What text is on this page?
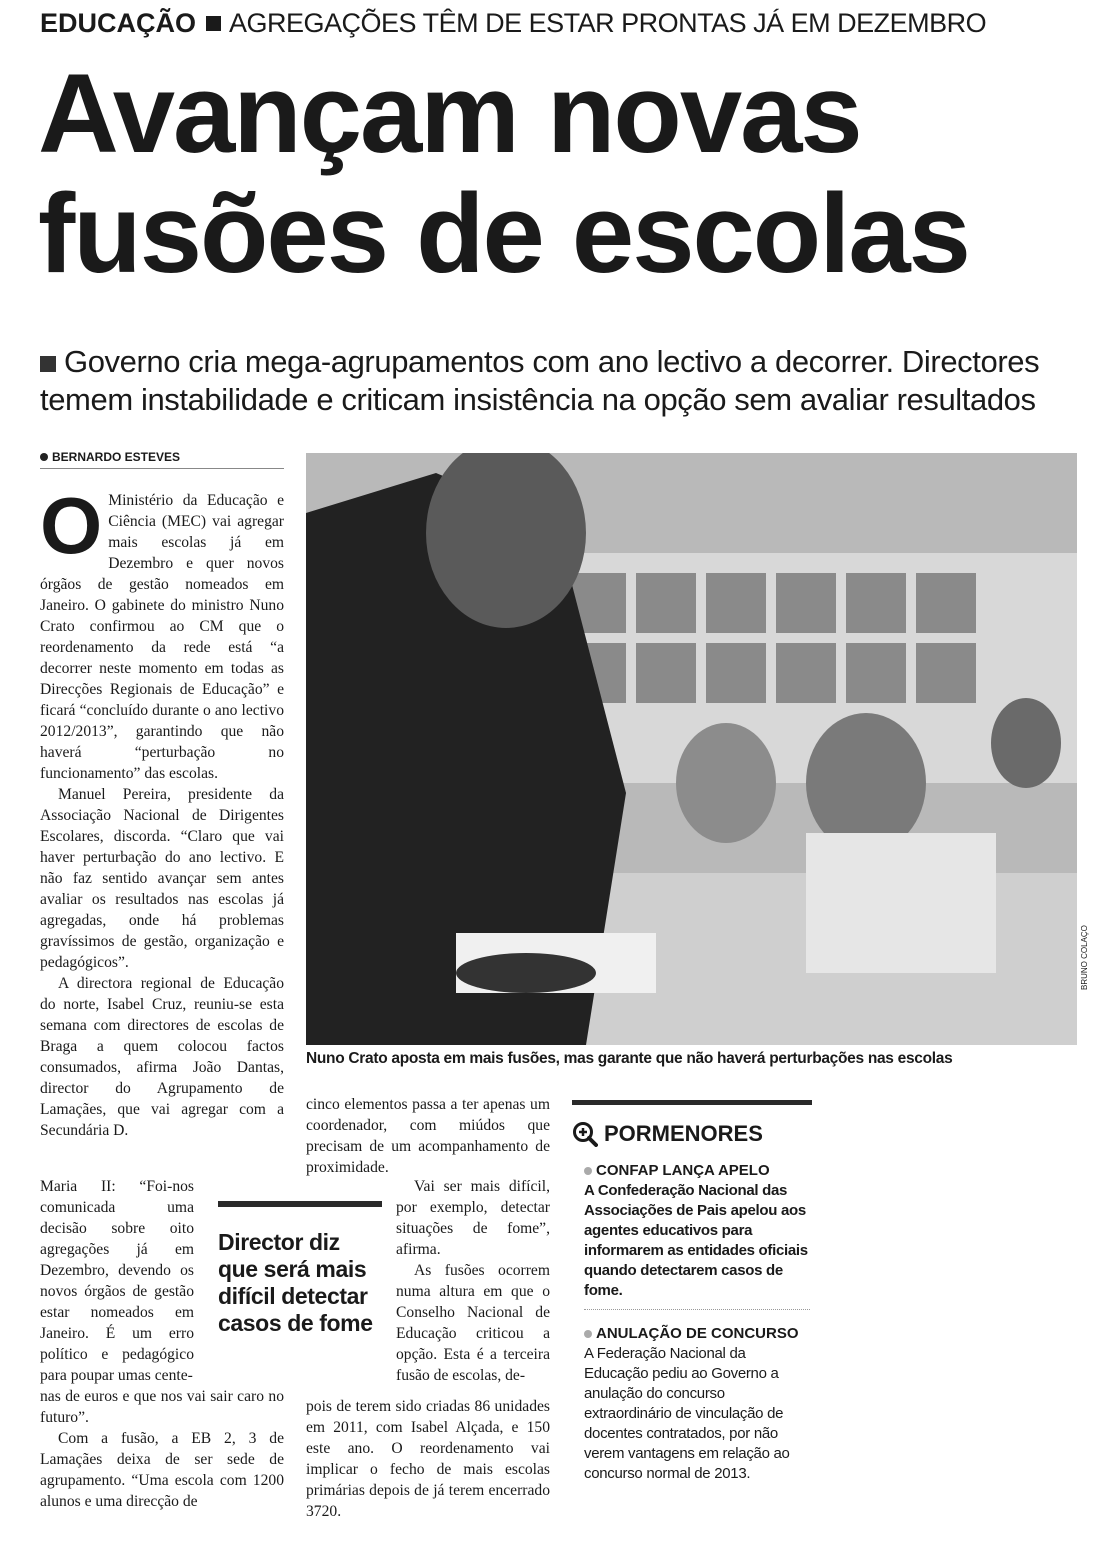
EDUCAÇÃO AGREGAÇÕES TÊM DE ESTAR PRONTAS JÁ EM DEZEMBRO
Avançam novas
fusões de escolas
Governo cria mega-agrupamentos com ano lectivo a decorrer. Directores
temem instabilidade e criticam insistência na opção sem avaliar resultados
BERNARDO ESTEVES

O Ministério da Educação e Ciência (MEC) vai agregar mais escolas já em Dezembro e quer novos órgãos de gestão nomeados em Janeiro. O gabinete do ministro Nuno Crato confirmou ao CM que o reordenamento da rede está “a decorrer neste momento em todas as Direcções Regionais de Educação” e ficará “concluído durante o ano lectivo 2012/2013”, garantindo que não haverá “perturbação no funcionamento” das escolas.

Manuel Pereira, presidente da Associação Nacional de Dirigentes Escolares, discorda. “Claro que vai haver perturbação do ano lectivo. E não faz sentido avançar sem antes avaliar os resultados nas escolas já agregadas, onde há problemas gravíssimos de gestão, organização e pedagógicos”.

A directora regional de Educação do norte, Isabel Cruz, reuniu-se esta semana com directores de escolas de Braga a quem colocou factos consumados, afirma João Dantas, director do Agrupamento de Lamaçães, que vai agregar com a Secundária D.

Maria II: “Foi-nos comunicada uma decisão sobre oito agregações já em Dezembro, devendo os novos órgãos de gestão estar nomeados em Janeiro. É um erro político e pedagógico para poupar umas cente-

nas de euros e que nos vai sair caro no futuro”.

Com a fusão, a EB 2, 3 de Lamaçães deixa de ser sede de agrupamento. “Uma escola com 1200 alunos e uma direcção de

Nuno Crato aposta em mais fusões, mas garante que não haverá perturbações nas escolas
BRUNO COLAÇO
Director diz que será mais difícil detectar casos de fome

cinco elementos passa a ter apenas um coordenador, com miúdos que precisam de um acompanhamento de proximidade.

Vai ser mais difícil, por exemplo, detectar situações de fome”, afirma.

As fusões ocorrem numa altura em que o Conselho Nacional de Educação criticou a opção. Esta é a terceira fusão de escolas, de-

pois de terem sido criadas 86 unidades em 2011, com Isabel Alçada, e 150 este ano. O reordenamento vai implicar o fecho de mais escolas primárias depois de já terem encerrado 3720.

PORMENORES
CONFAP LANÇA APELO
A Confederação Nacional das Associações de Pais apelou aos agentes educativos para informarem as entidades oficiais quando detectarem casos de fome.
ANULAÇÃO DE CONCURSO
A Federação Nacional da Educação pediu ao Governo a anulação do concurso extraordinário de vinculação de docentes contratados, por não verem vantagens em relação ao concurso normal de 2013.
